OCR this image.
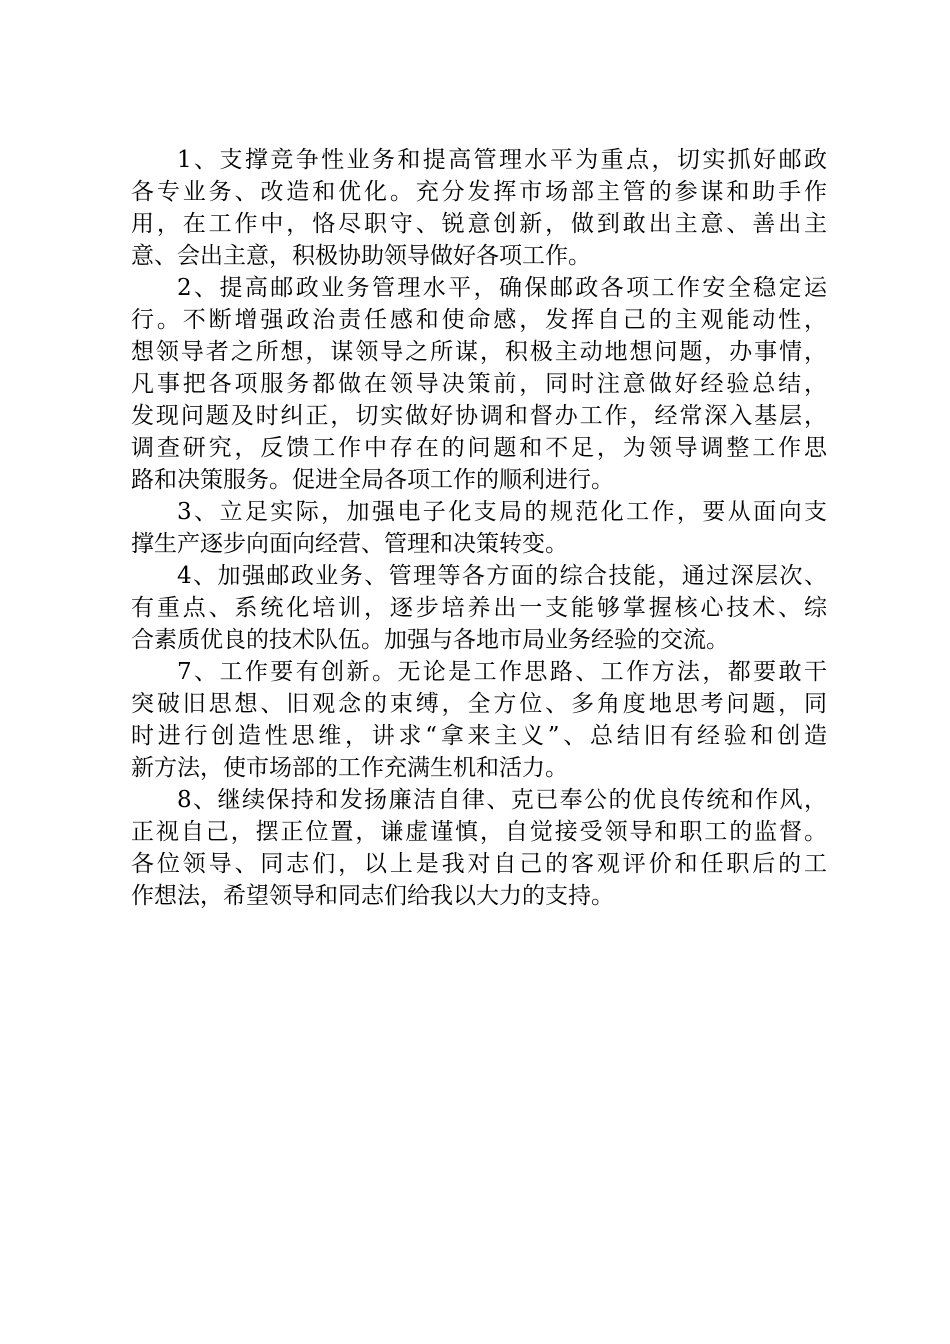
1、支撑竞争性业务和提高管理水平为重点，切实抓好邮政
各专业务、改造和优化。充分发挥市场部主管的参谋和助手作
用，在工作中，恪尽职守、锐意创新，做到敢出主意、善出主
意、会出主意，积极协助领导做好各项工作。
2、提高邮政业务管理水平，确保邮政各项工作安全稳定运
行。不断增强政治责任感和使命感，发挥自己的主观能动性，
想领导者之所想，谋领导之所谋，积极主动地想问题，办事情，
凡事把各项服务都做在领导决策前，同时注意做好经验总结，
发现问题及时纠正，切实做好协调和督办工作，经常深入基层，
调查研究，反馈工作中存在的问题和不足，为领导调整工作思
路和决策服务。促进全局各项工作的顺利进行。
3、立足实际，加强电子化支局的规范化工作，要从面向支
撑生产逐步向面向经营、管理和决策转变。
4、加强邮政业务、管理等各方面的综合技能，通过深层次、
有重点、系统化培训，逐步培养出一支能够掌握核心技术、综
合素质优良的技术队伍。加强与各地市局业务经验的交流。
7、工作要有创新。无论是工作思路、工作方法，都要敢干
突破旧思想、旧观念的束缚，全方位、多角度地思考问题，同
时进行创造性思维，讲求“拿来主义”、总结旧有经验和创造
新方法，使市场部的工作充满生机和活力。
8、继续保持和发扬廉洁自律、克已奉公的优良传统和作风，
正视自己，摆正位置，谦虚谨慎，自觉接受领导和职工的监督。
各位领导、同志们，以上是我对自己的客观评价和任职后的工
作想法，希望领导和同志们给我以大力的支持。
